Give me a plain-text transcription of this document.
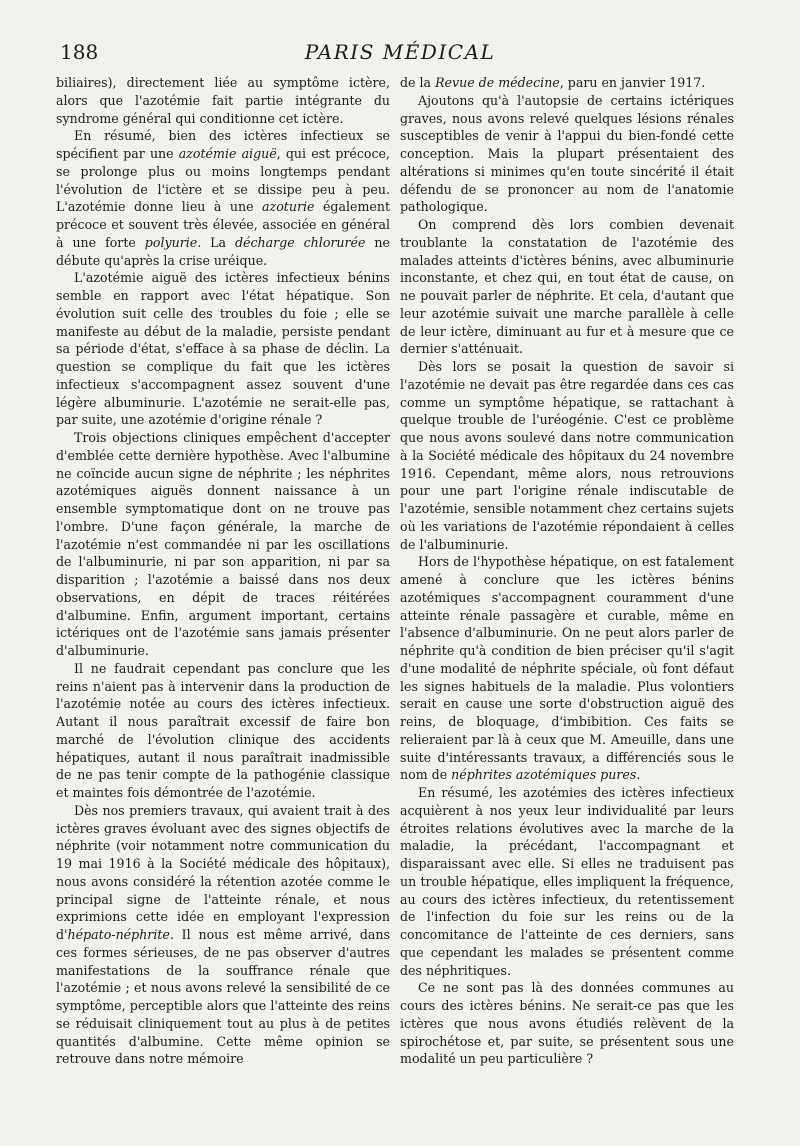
188	PARIS MÉDICAL

biliaires), directement liée au symptôme ictère, alors que l'azotémie fait partie intégrante du syndrome général qui conditionne cet ictère.

En résumé, bien des ictères infectieux se spécifient par une azotémie aiguë, qui est précoce, se prolonge plus ou moins longtemps pendant l'évolution de l'ictère et se dissipe peu à peu. L'azotémie donne lieu à une azoturie également précoce et souvent très élevée, associée en général à une forte polyurie. La décharge chlorurée ne débute qu'après la crise uréique.

L'azotémie aiguë des ictères infectieux bénins semble en rapport avec l'état hépatique. Son évolution suit celle des troubles du foie ; elle se manifeste au début de la maladie, persiste pendant sa période d'état, s'efface à sa phase de déclin. La question se complique du fait que les ictères infectieux s'accompagnent assez souvent d'une légère albuminurie. L'azotémie ne serait-elle pas, par suite, une azotémie d'origine rénale ?

Trois objections cliniques empêchent d'accepter d'emblée cette dernière hypothèse. Avec l'albumine ne coïncide aucun signe de néphrite ; les néphrites azotémiques aiguës donnent naissance à un ensemble symptomatique dont on ne trouve pas l'ombre. D'une façon générale, la marche de l'azotémie n'est commandée ni par les oscillations de l'albuminurie, ni par son apparition, ni par sa disparition ; l'azotémie a baissé dans nos deux observations, en dépit de traces réitérées d'albumine. Enfin, argument important, certains ictériques ont de l'azotémie sans jamais présenter d'albuminurie.

Il ne faudrait cependant pas conclure que les reins n'aient pas à intervenir dans la production de l'azotémie notée au cours des ictères infectieux. Autant il nous paraîtrait excessif de faire bon marché de l'évolution clinique des accidents hépatiques, autant il nous paraîtrait inadmissible de ne pas tenir compte de la pathogénie classique et maintes fois démontrée de l'azotémie.

Dès nos premiers travaux, qui avaient trait à des ictères graves évoluant avec des signes objectifs de néphrite (voir notamment notre communication du 19 mai 1916 à la Société médicale des hôpitaux), nous avons considéré la rétention azotée comme le principal signe de l'atteinte rénale, et nous exprimions cette idée en employant l'expression d'hépato-néphrite. Il nous est même arrivé, dans ces formes sérieuses, de ne pas observer d'autres manifestations de la souffrance rénale que l'azotémie ; et nous avons relevé la sensibilité de ce symptôme, perceptible alors que l'atteinte des reins se réduisait cliniquement tout au plus à de petites quantités d'albumine. Cette même opinion se retrouve dans notre mémoire

de la Revue de médecine, paru en janvier 1917.

Ajoutons qu'à l'autopsie de certains ictériques graves, nous avons relevé quelques lésions rénales susceptibles de venir à l'appui du bien-fondé cette conception. Mais la plupart présentaient des altérations si minimes qu'en toute sincérité il était défendu de se prononcer au nom de l'anatomie pathologique.

On comprend dès lors combien devenait troublante la constatation de l'azotémie des malades atteints d'ictères bénins, avec albuminurie inconstante, et chez qui, en tout état de cause, on ne pouvait parler de néphrite. Et cela, d'autant que leur azotémie suivait une marche parallèle à celle de leur ictère, diminuant au fur et à mesure que ce dernier s'atténuait.

Dès lors se posait la question de savoir si l'azotémie ne devait pas être regardée dans ces cas comme un symptôme hépatique, se rattachant à quelque trouble de l'uréogénie. C'est ce problème que nous avons soulevé dans notre communication à la Société médicale des hôpitaux du 24 novembre 1916. Cependant, même alors, nous retrouvions pour une part l'origine rénale indiscutable de l'azotémie, sensible notamment chez certains sujets où les variations de l'azotémie répondaient à celles de l'albuminurie.

Hors de l'hypothèse hépatique, on est fatalement amené à conclure que les ictères bénins azotémiques s'accompagnent couramment d'une atteinte rénale passagère et curable, même en l'absence d'albuminurie. On ne peut alors parler de néphrite qu'à condition de bien préciser qu'il s'agit d'une modalité de néphrite spéciale, où font défaut les signes habituels de la maladie. Plus volontiers serait en cause une sorte d'obstruction aiguë des reins, de bloquage, d'imbibition. Ces faits se relieraient par là à ceux que M. Ameuille, dans une suite d'intéressants travaux, a différenciés sous le nom de néphrites azotémiques pures.

En résumé, les azotémies des ictères infectieux acquièrent à nos yeux leur individualité par leurs étroites relations évolutives avec la marche de la maladie, la précédant, l'accompagnant et disparaissant avec elle. Si elles ne traduisent pas un trouble hépatique, elles impliquent la fréquence, au cours des ictères infectieux, du retentissement de l'infection du foie sur les reins ou de la concomitance de l'atteinte de ces derniers, sans que cependant les malades se présentent comme des néphritiques.

Ce ne sont pas là des données communes au cours des ictères bénins. Ne serait-ce pas que les ictères que nous avons étudiés relèvent de la spirochétose et, par suite, se présentent sous une modalité un peu particulière ?
